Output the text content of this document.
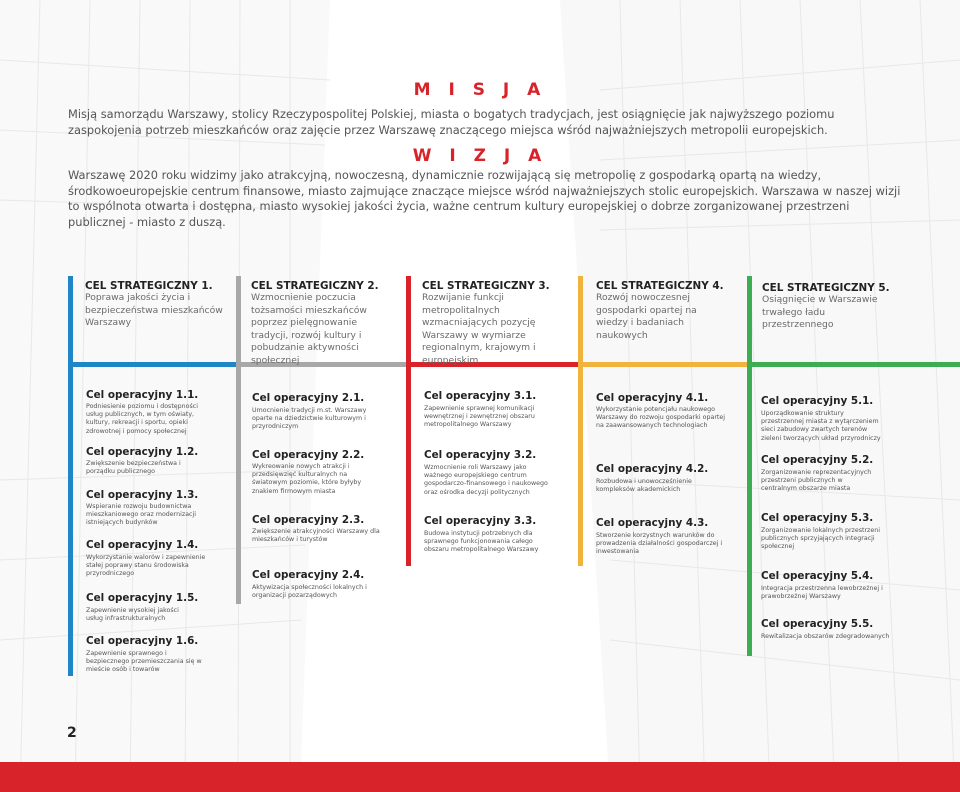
M I S J A
Misją samorządu Warszawy, stolicy Rzeczypospolitej Polskiej, miasta o bogatych tradycjach, jest osiągnięcie jak najwyższego poziomu zaspokojenia potrzeb mieszkańców oraz zajęcie przez Warszawę znaczącego miejsca wśród najważniejszych metropolii europejskich.
W I Z J A
Warszawę 2020 roku widzimy jako atrakcyjną, nowoczesną, dynamicznie rozwijającą się metropolię z gospodarką opartą na wiedzy, środkowoeuropejskie centrum finansowe, miasto zajmujące znaczące miejsce wśród najważniejszych stolic europejskich. Warszawa w naszej wizji to wspólnota otwarta i dostępna, miasto wysokiej jakości życia, ważne centrum kultury europejskiej o dobrze zorganizowanej przestrzeni publicznej - miasto z duszą.
CEL STRATEGICZNY 1.
Poprawa jakości życia i bezpieczeństwa mieszkańców Warszawy
CEL STRATEGICZNY 2.
Wzmocnienie poczucia tożsamości mieszkańców poprzez pielęgnowanie tradycji, rozwój kultury i pobudzanie aktywności społecznej
CEL STRATEGICZNY 3.
Rozwijanie funkcji metropolitalnych wzmacniających pozycję Warszawy w wymiarze regionalnym, krajowym i europejskim
CEL STRATEGICZNY 4.
Rozwój nowoczesnej gospodarki opartej na wiedzy i badaniach naukowych
CEL STRATEGICZNY 5.
Osiągnięcie w Warszawie trwałego ładu przestrzennego
Cel operacyjny 1.1.
Podniesienie poziomu i dostępności usług publicznych, w tym oświaty, kultury, rekreacji i sportu, opieki zdrowotnej i pomocy społecznej
Cel operacyjny 1.2.
Zwiększenie bezpieczeństwa i porządku publicznego
Cel operacyjny 1.3.
Wspieranie rozwoju budownictwa mieszkaniowego oraz modernizacji istniejących budynków
Cel operacyjny 1.4.
Wykorzystanie walorów i zapewnienie stałej poprawy stanu środowiska przyrodniczego
Cel operacyjny 1.5.
Zapewnienie wysokiej jakości usług infrastrukturalnych
Cel operacyjny 1.6.
Zapewnienie sprawnego i bezpiecznego przemieszczania się w mieście osób i towarów
Cel operacyjny 2.1.
Umocnienie tradycji m.st. Warszawy oparte na dziedzictwie kulturowym i przyrodniczym
Cel operacyjny 2.2.
Wykreowanie nowych atrakcji i przedsięwzięć kulturalnych na światowym poziomie, które byłyby znakiem firmowym miasta
Cel operacyjny 2.3.
Zwiększenie atrakcyjności Warszawy dla mieszkańców i turystów
Cel operacyjny 2.4.
Aktywizacja społeczności lokalnych i organizacji pozarządowych
Cel operacyjny 3.1.
Zapewnienie sprawnej komunikacji wewnętrznej i zewnętrznej obszaru metropolitalnego Warszawy
Cel operacyjny 3.2.
Wzmocnienie roli Warszawy jako ważnego europejskiego centrum gospodarczo-finansowego i naukowego oraz ośrodka decyzji politycznych
Cel operacyjny 3.3.
Budowa instytucji potrzebnych dla sprawnego funkcjonowania całego obszaru metropolitalnego Warszawy
Cel operacyjny 4.1.
Wykorzystanie potencjału naukowego Warszawy do rozwoju gospodarki opartej na zaawansowanych technologiach
Cel operacyjny 4.2.
Rozbudowa i unowocześnienie kompleksów akademickich
Cel operacyjny 4.3.
Stworzenie korzystnych warunków do prowadzenia działalności gospodarczej i inwestowania
Cel operacyjny 5.1.
Uporządkowanie struktury przestrzennej miasta z wytąrczeniem sieci zabudowy zwartych terenów zieleni tworzących układ przyrodniczy
Cel operacyjny 5.2.
Zorganizowanie reprezentacyjnych przestrzeni publicznych w centralnym obszarze miasta
Cel operacyjny 5.3.
Zorganizowanie lokalnych przestrzeni publicznych sprzyjających integracji społecznej
Cel operacyjny 5.4.
Integracja przestrzenna lewobrzeżnej i prawobrzeżnej Warszawy
Cel operacyjny 5.5.
Rewitalizacja obszarów zdegradowanych
2
